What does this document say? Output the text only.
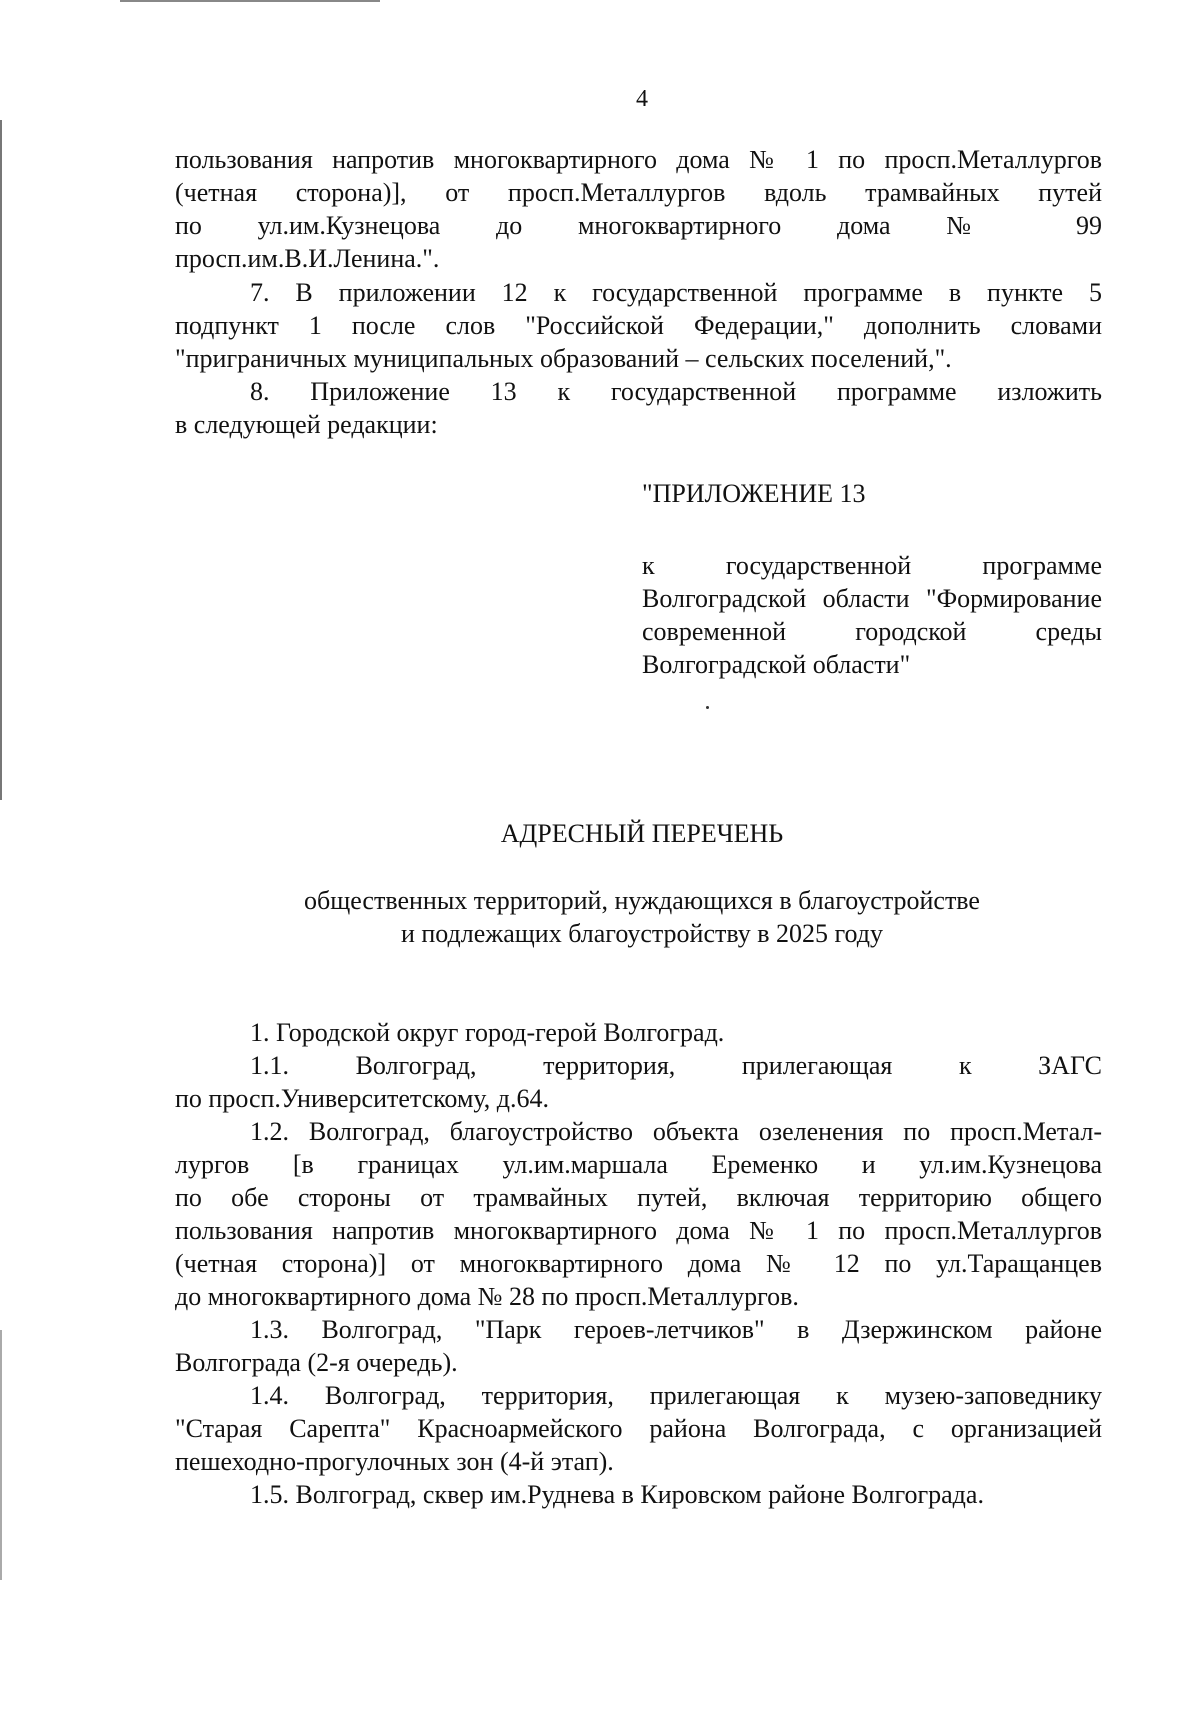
4

пользования напротив многоквартирного дома № 1 по просп.Металлургов

(четная сторона)], от просп.Металлургов вдоль трамвайных путей

по ул.им.Кузнецова до многоквартирного дома № 99

просп.им.В.И.Ленина.".

7. В приложении 12 к государственной программе в пункте 5

подпункт 1 после слов "Российской Федерации," дополнить словами

"приграничных муниципальных образований – сельских поселений,".

8. Приложение 13 к государственной программе изложить

в следующей редакции:

"ПРИЛОЖЕНИЕ 13

к государственной программе

Волгоградской области "Формирование

современной городской среды

Волгоградской области"

АДРЕСНЫЙ ПЕРЕЧЕНЬ

общественных территорий, нуждающихся в благоустройстве

и подлежащих благоустройству в 2025 году

1. Городской округ город-герой Волгоград.

1.1. Волгоград, территория, прилегающая к ЗАГС

по просп.Университетскому, д.64.

1.2. Волгоград, благоустройство объекта озеленения по просп.Метал-

лургов [в границах ул.им.маршала Еременко и ул.им.Кузнецова

по обе стороны от трамвайных путей, включая территорию общего

пользования напротив многоквартирного дома № 1 по просп.Металлургов

(четная сторона)] от многоквартирного дома № 12 по ул.Таращанцев

до многоквартирного дома № 28 по просп.Металлургов.

1.3. Волгоград, "Парк героев-летчиков" в Дзержинском районе

Волгограда (2-я очередь).

1.4. Волгоград, территория, прилегающая к музею-заповеднику

"Старая Сарепта" Красноармейского района Волгограда, с организацией

пешеходно-прогулочных зон (4-й этап).

1.5. Волгоград, сквер им.Руднева в Кировском районе Волгограда.
